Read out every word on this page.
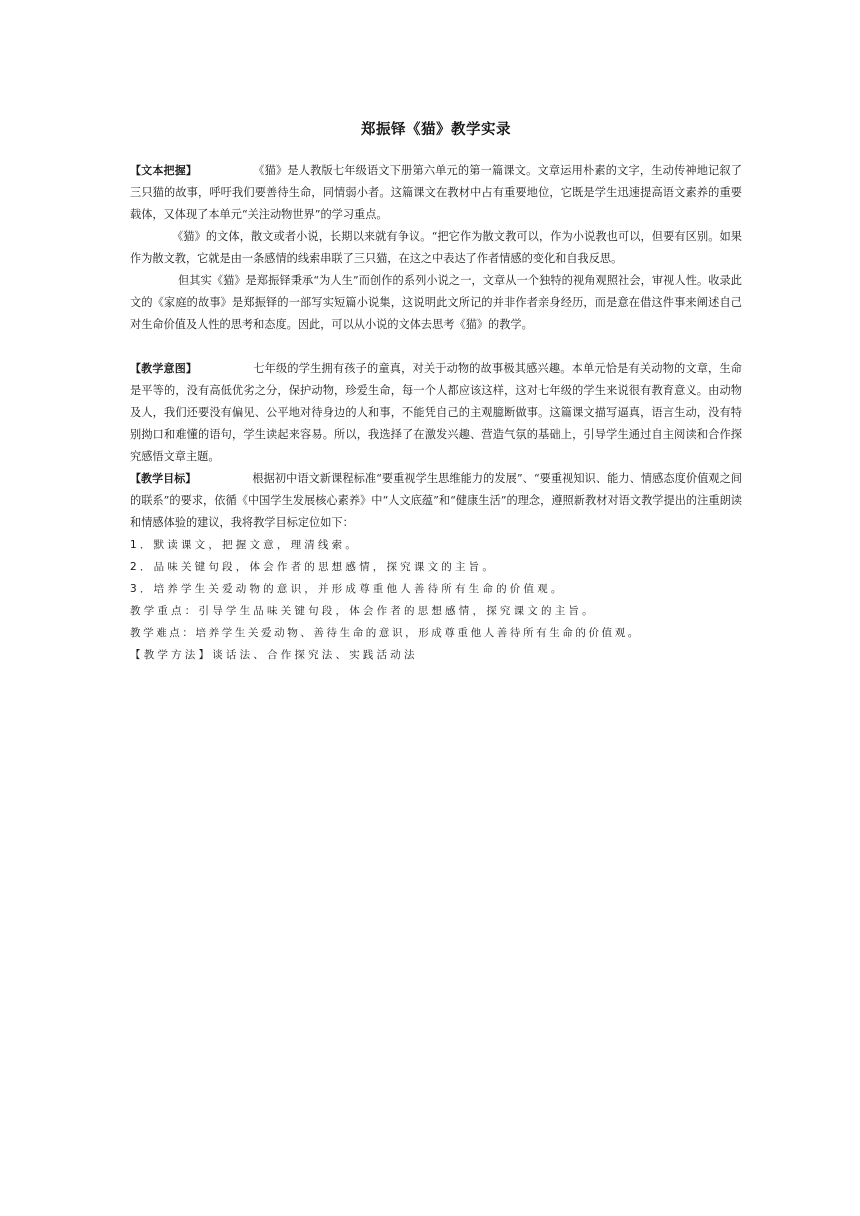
郑振铎《猫》教学实录

【文本把握】	《猫》是人教版七年级语文下册第六单元的第一篇课文。文章运用朴素的文字，生动传神地记叙了三只猫的故事，呼吁我们要善待生命，同情弱小者。这篇课文在教材中占有重要地位，它既是学生迅速提高语文素养的重要载体，又体现了本单元“关注动物世界”的学习重点。

《猫》的文体，散文或者小说，长期以来就有争议。“把它作为散文教可以，作为小说教也可以，但要有区别。如果作为散文教，它就是由一条感情的线索串联了三只猫，在这之中表达了作者情感的变化和自我反思。

但其实《猫》是郑振铎秉承“为人生”而创作的系列小说之一，文章从一个独特的视角观照社会，审视人性。收录此文的《家庭的故事》是郑振铎的一部写实短篇小说集，这说明此文所记的并非作者亲身经历，而是意在借这件事来阐述自己对生命价值及人性的思考和态度。因此，可以从小说的文体去思考《猫》的教学。

【教学意图】	七年级的学生拥有孩子的童真，对关于动物的故事极其感兴趣。本单元恰是有关动物的文章，生命是平等的，没有高低优劣之分，保护动物，珍爱生命，每一个人都应该这样，这对七年级的学生来说很有教育意义。由动物及人，我们还要没有偏见、公平地对待身边的人和事，不能凭自己的主观臆断做事。这篇课文描写逼真，语言生动，没有特别拗口和难懂的语句，学生读起来容易。所以，我选择了在激发兴趣、营造气氛的基础上，引导学生通过自主阅读和合作探究感悟文章主题。

【教学目标】	根据初中语文新课程标准“要重视学生思维能力的发展”、“要重视知识、能力、情感态度价值观之间的联系”的要求，依循《中国学生发展核心素养》中“人文底蕴”和“健康生活”的理念，遵照新教材对语文教学提出的注重朗读和情感体验的建议，我将教学目标定位如下：

1．默读课文，把握文意，理清线索。

2．品味关键句段，体会作者的思想感情，探究课文的主旨。

3．培养学生关爱动物的意识，并形成尊重他人善待所有生命的价值观。

教学重点：引导学生品味关键句段，体会作者的思想感情，探究课文的主旨。

教学难点：培养学生关爱动物、善待生命的意识，形成尊重他人善待所有生命的价值观。

【教学方法】谈话法、合作探究法、实践活动法
